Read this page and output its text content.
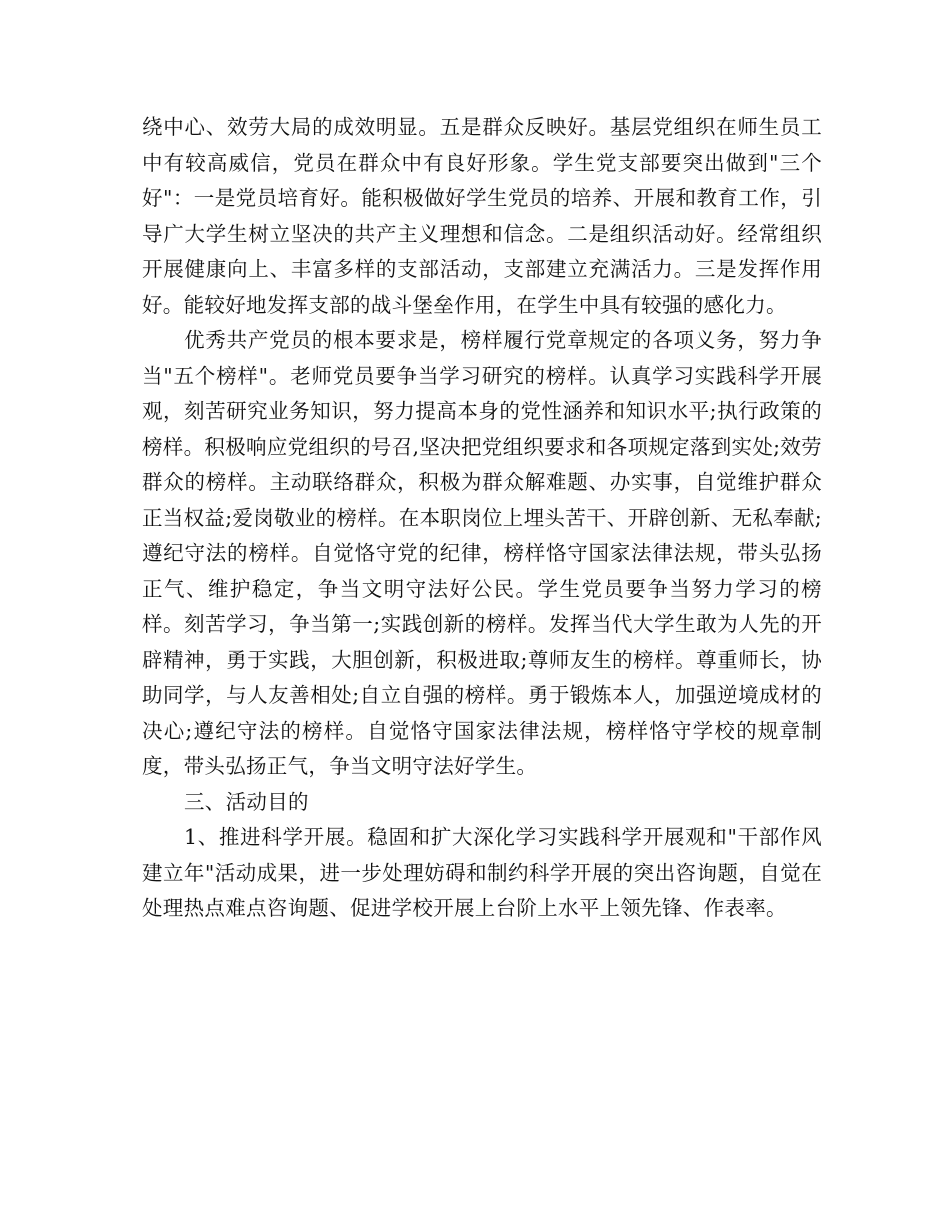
绕中心、效劳大局的成效明显。五是群众反映好。基层党组织在师生员工中有较高威信，党员在群众中有良好形象。学生党支部要突出做到"三个好"：一是党员培育好。能积极做好学生党员的培养、开展和教育工作，引导广大学生树立坚决的共产主义理想和信念。二是组织活动好。经常组织开展健康向上、丰富多样的支部活动，支部建立充满活力。三是发挥作用好。能较好地发挥支部的战斗堡垒作用，在学生中具有较强的感化力。

优秀共产党员的根本要求是，榜样履行党章规定的各项义务，努力争当"五个榜样"。老师党员要争当学习研究的榜样。认真学习实践科学开展观，刻苦研究业务知识，努力提高本身的党性涵养和知识水平;执行政策的榜样。积极响应党组织的号召,坚决把党组织要求和各项规定落到实处;效劳群众的榜样。主动联络群众，积极为群众解难题、办实事，自觉维护群众正当权益;爱岗敬业的榜样。在本职岗位上埋头苦干、开辟创新、无私奉献;遵纪守法的榜样。自觉恪守党的纪律，榜样恪守国家法律法规，带头弘扬正气、维护稳定，争当文明守法好公民。学生党员要争当努力学习的榜样。刻苦学习，争当第一;实践创新的榜样。发挥当代大学生敢为人先的开辟精神，勇于实践，大胆创新，积极进取;尊师友生的榜样。尊重师长，协助同学，与人友善相处;自立自强的榜样。勇于锻炼本人，加强逆境成材的决心;遵纪守法的榜样。自觉恪守国家法律法规，榜样恪守学校的规章制度，带头弘扬正气，争当文明守法好学生。

三、活动目的

1、推进科学开展。稳固和扩大深化学习实践科学开展观和"干部作风建立年"活动成果，进一步处理妨碍和制约科学开展的突出咨询题，自觉在处理热点难点咨询题、促进学校开展上台阶上水平上领先锋、作表率。
